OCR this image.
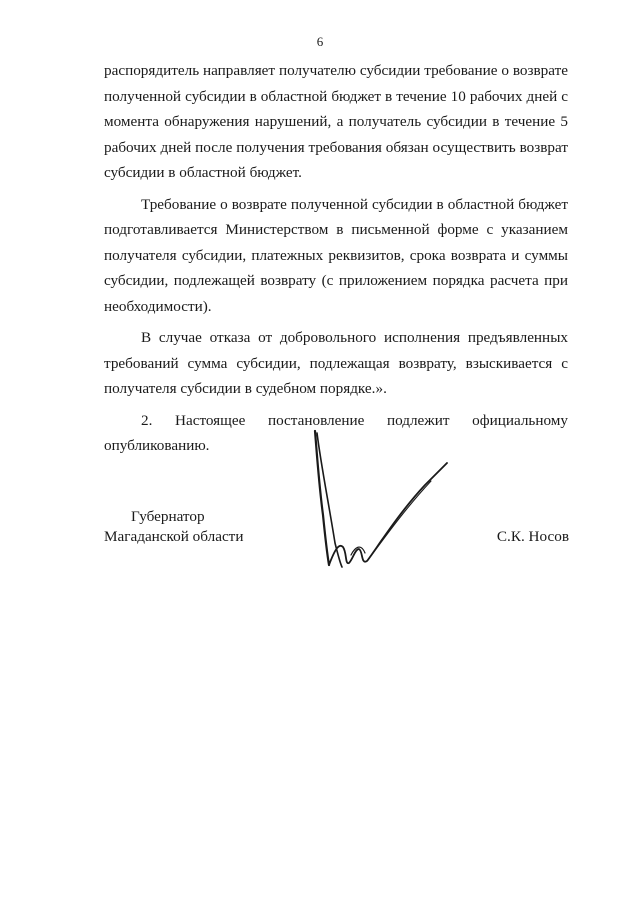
6

распорядитель направляет получателю субсидии требование о возврате полученной субсидии в областной бюджет в течение 10 рабочих дней с момента обнаружения нарушений, а получатель субсидии в течение 5 рабочих дней после получения требования обязан осуществить возврат субсидии в областной бюджет.

Требование о возврате полученной субсидии в областной бюджет подготавливается Министерством в письменной форме с указанием получателя субсидии, платежных реквизитов, срока возврата и суммы субсидии, подлежащей возврату (с приложением порядка расчета при необходимости).

В случае отказа от добровольного исполнения предъявленных требований сумма субсидии, подлежащая возврату, взыскивается с получателя субсидии в судебном порядке.».

2. Настоящее постановление подлежит официальному опубликованию.

Губернатор
Магаданской области	С.К. Носов
